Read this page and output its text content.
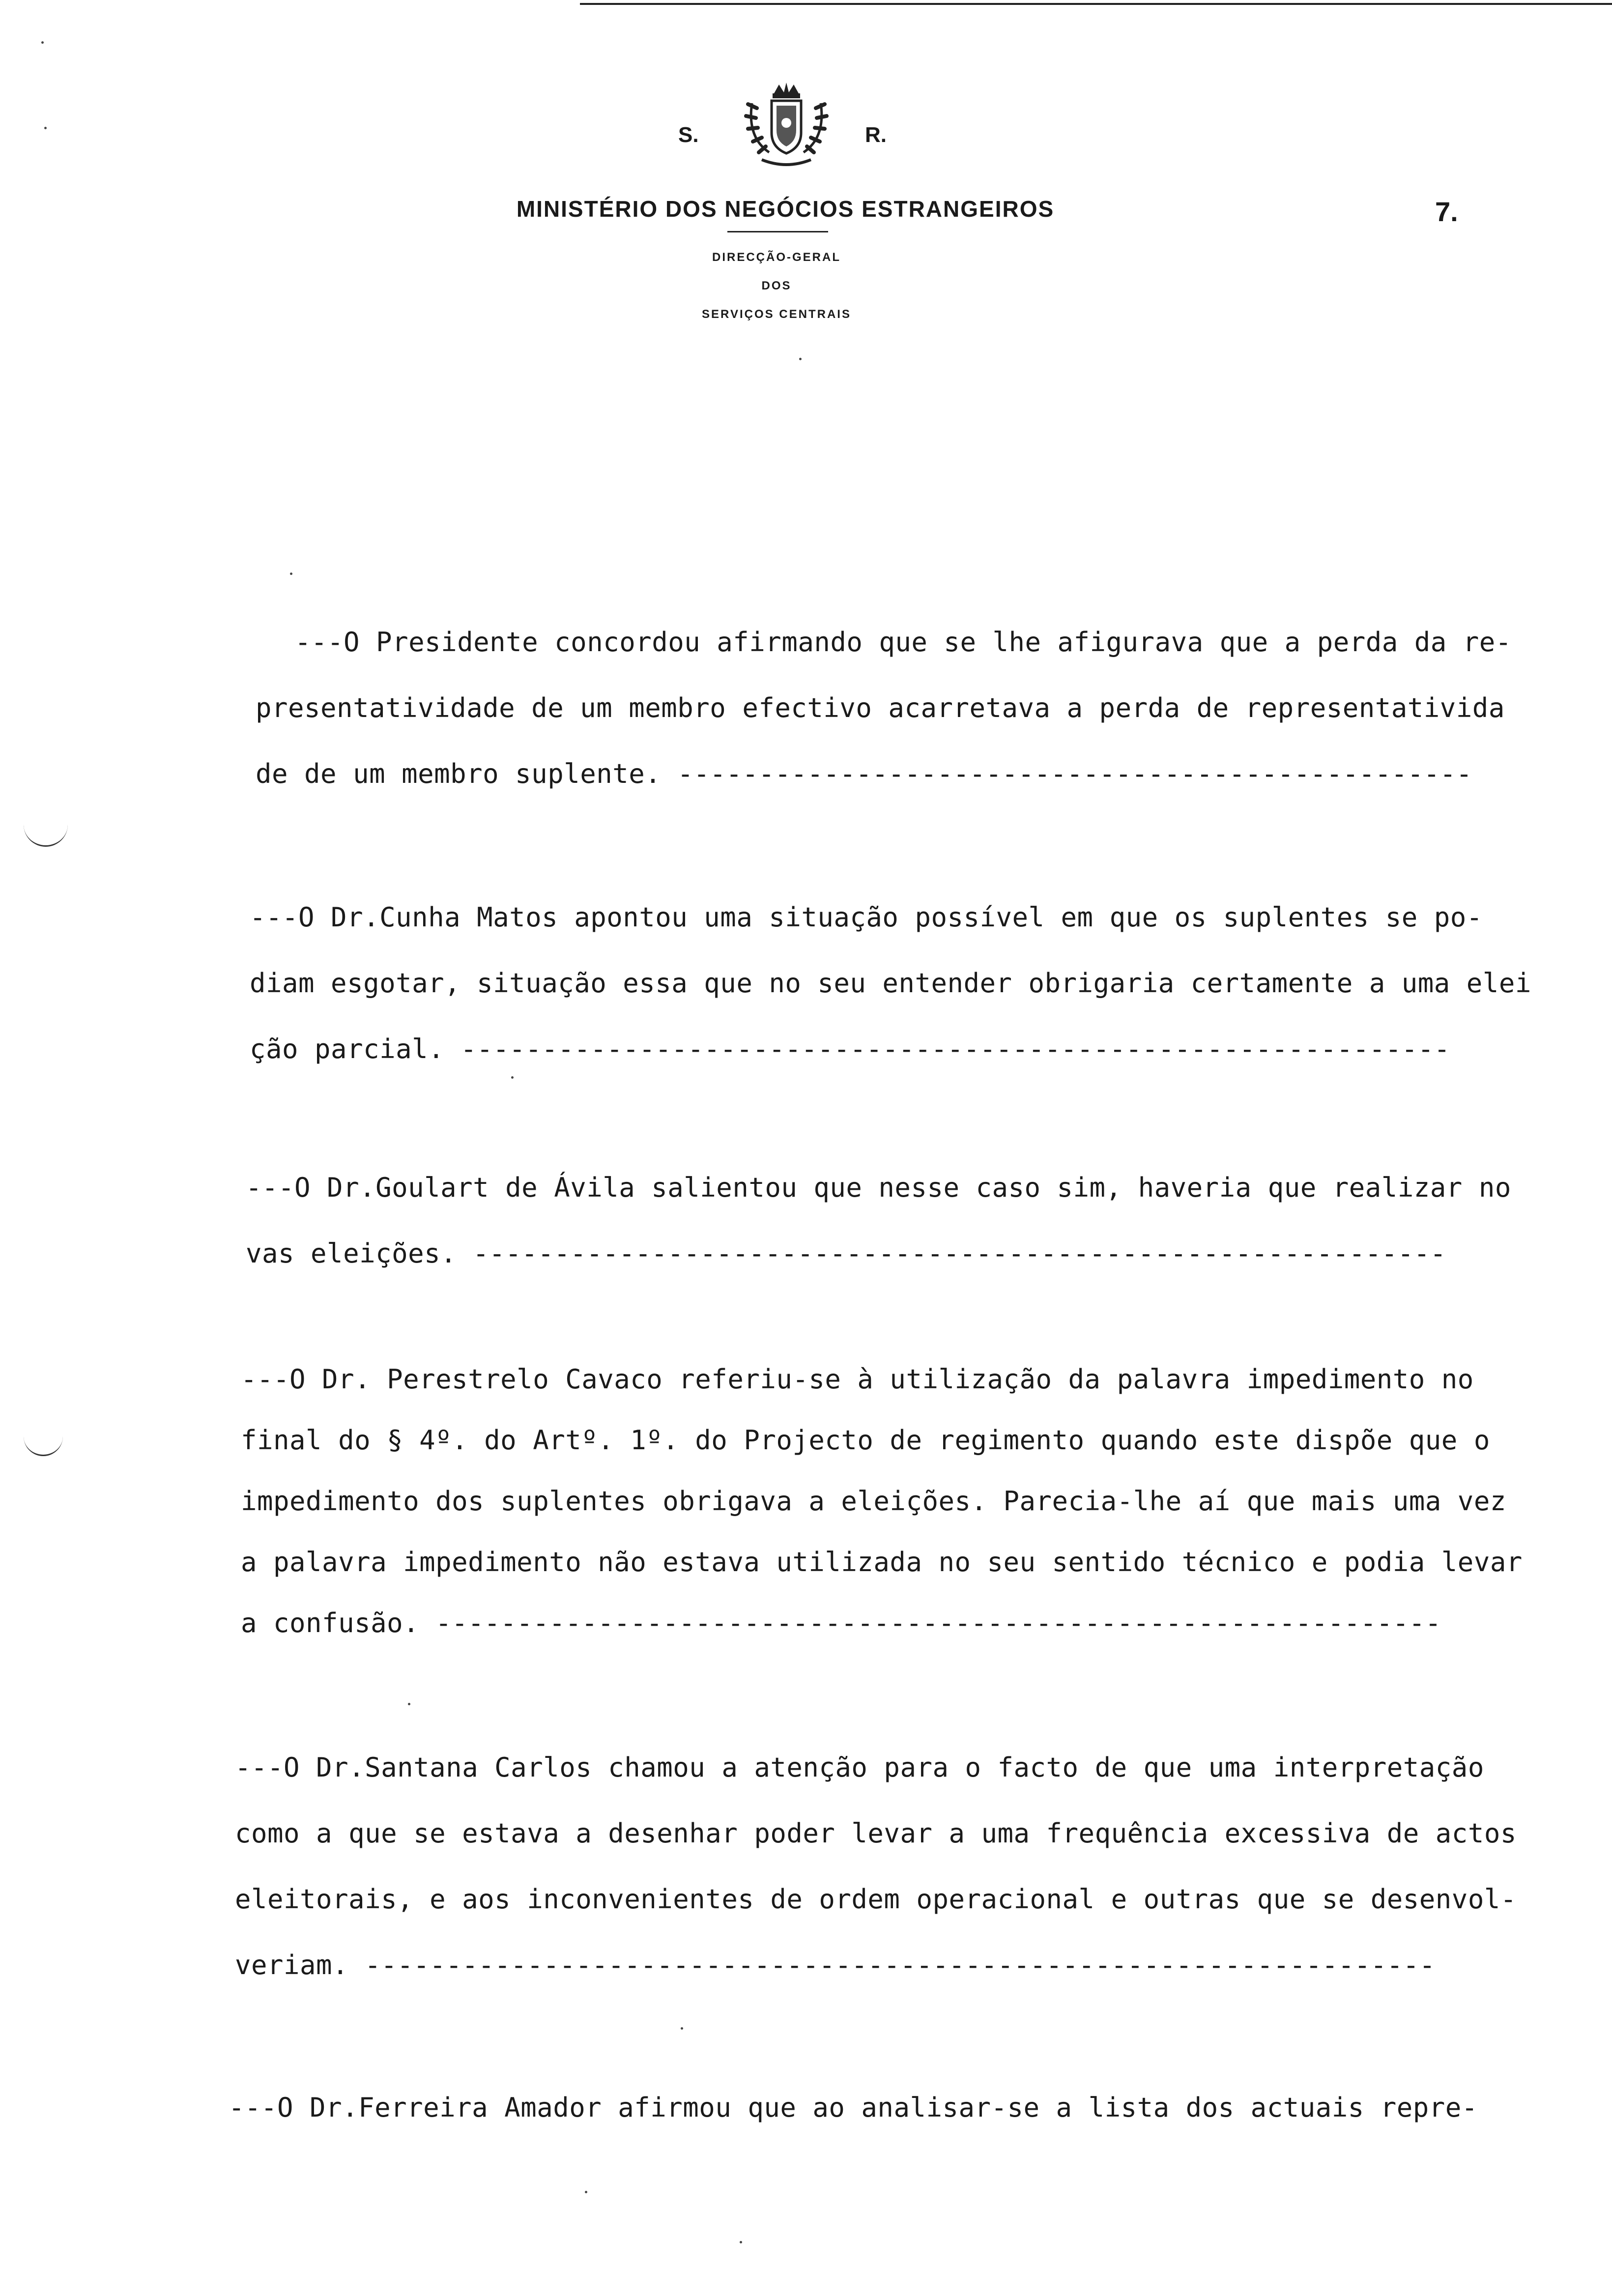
S.	R.
MINISTÉRIO DOS NEGÓCIOS ESTRANGEIROS
DIRECÇÃO-GERAL
DOS
SERVIÇOS CENTRAIS
7.

---O Presidente concordou afirmando que se lhe afigurava que a perda da re-

presentatividade de um membro efectivo acarretava a perda de representativida

de de um membro suplente. -------------------------------------------------

---O Dr.Cunha Matos apontou uma situação possível em que os suplentes se po-

diam esgotar, situação essa que no seu entender obrigaria certamente a uma elei

ção parcial. -------------------------------------------------------------

---O Dr.Goulart de Ávila salientou que nesse caso sim, haveria que realizar no

vas eleições. ------------------------------------------------------------

---O Dr. Perestrelo Cavaco referiu-se à utilização da palavra impedimento no

final do § 4º. do Artº. 1º. do Projecto de regimento quando este dispõe que o

impedimento dos suplentes obrigava a eleições. Parecia-lhe aí que mais uma vez

a palavra impedimento não estava utilizada no seu sentido técnico e podia levar

a confusão. --------------------------------------------------------------

---O Dr.Santana Carlos chamou a atenção para o facto de que uma interpretação

como a que se estava a desenhar poder levar a uma frequência excessiva de actos

eleitorais, e aos inconvenientes de ordem operacional e outras que se desenvol-

veriam. ------------------------------------------------------------------

---O Dr.Ferreira Amador afirmou que ao analisar-se a lista dos actuais repre-
